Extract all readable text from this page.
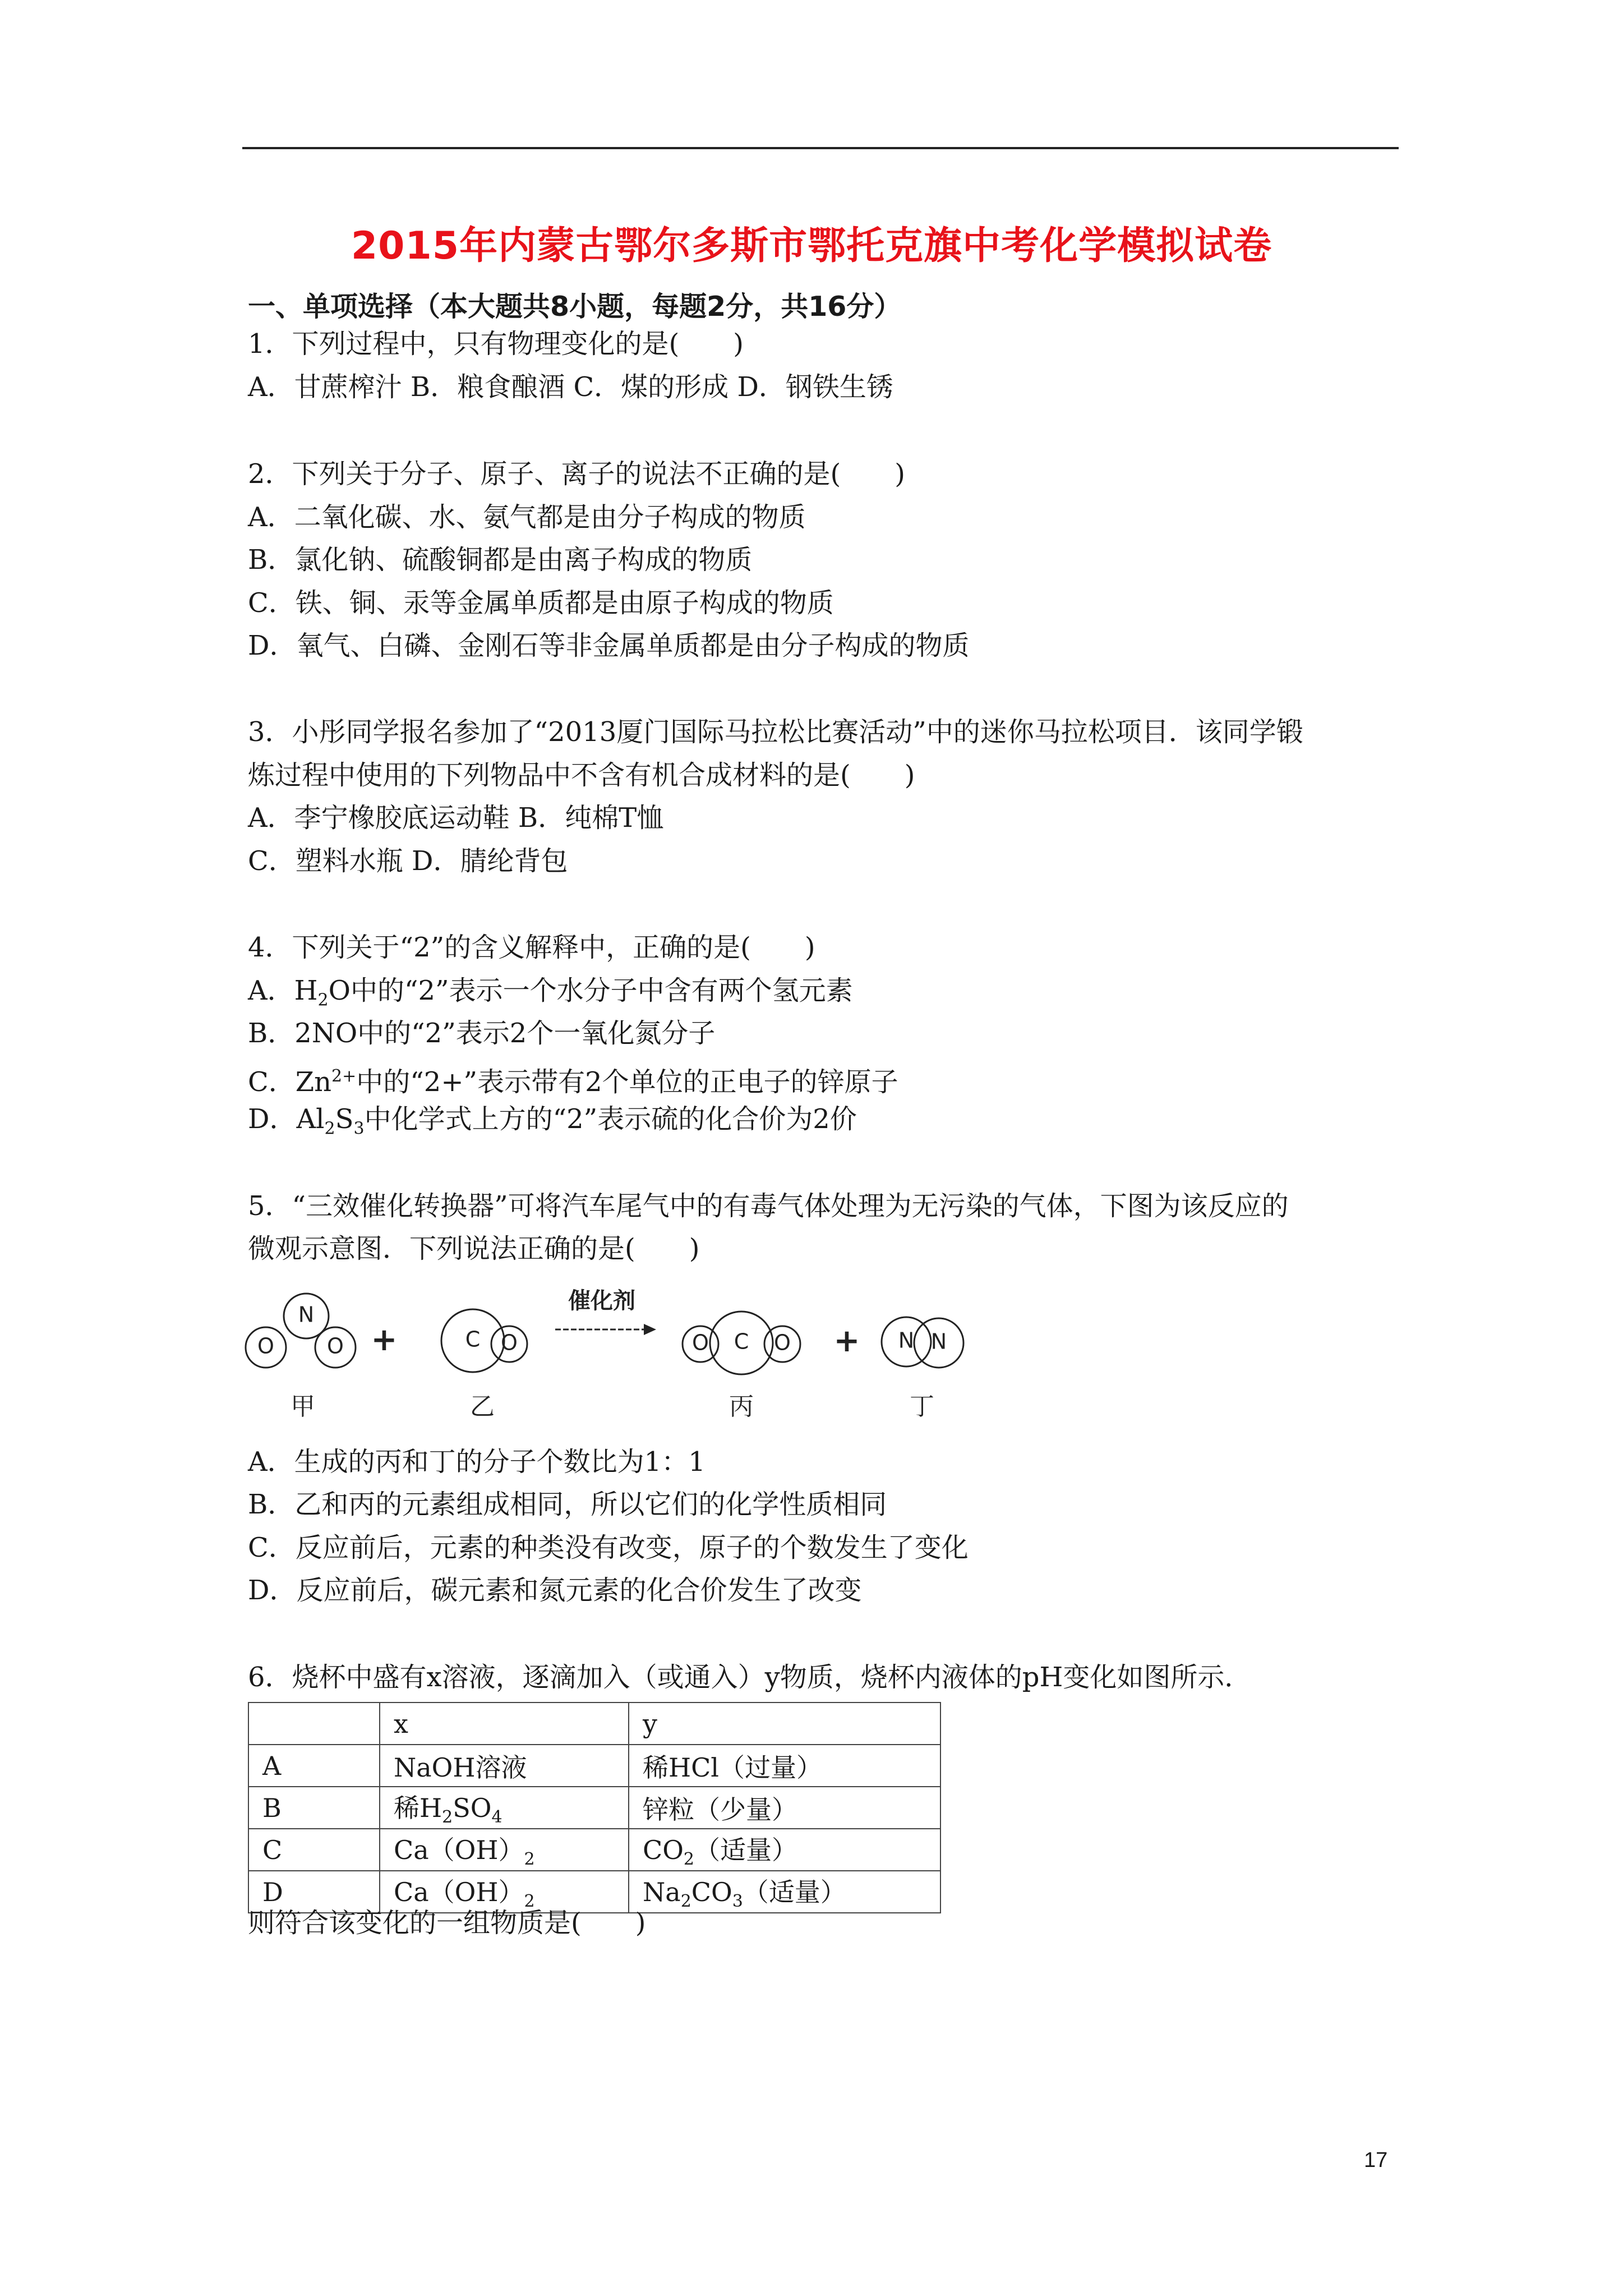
2015年内蒙古鄂尔多斯市鄂托克旗中考化学模拟试卷
一、单项选择（本大题共8小题，每题2分，共16分）
1．下列过程中，只有物理变化的是(　　)
A．甘蔗榨汁 B．粮食酿酒 C．煤的形成 D．钢铁生锈
2．下列关于分子、原子、离子的说法不正确的是(　　)
A．二氧化碳、水、氨气都是由分子构成的物质
B．氯化钠、硫酸铜都是由离子构成的物质
C．铁、铜、汞等金属单质都是由原子构成的物质
D．氧气、白磷、金刚石等非金属单质都是由分子构成的物质
3．小彤同学报名参加了“2013厦门国际马拉松比赛活动”中的迷你马拉松项目．该同学锻
炼过程中使用的下列物品中不含有机合成材料的是(　　)
A．李宁橡胶底运动鞋 B．纯棉T恤
C．塑料水瓶 D．腈纶背包
4．下列关于“2”的含义解释中，正确的是(　　)
A．$H_2O$中的“2”表示一个水分子中含有两个氢元素
B．2NO中的“2”表示2个一氧化氮分子
C．$Zn^{2+}$中的“2+”表示带有2个单位的正电子的锌原子
D．$Al_2S_3$中化学式上方的“2”表示硫的化合价为2价
5．“三效催化转换器”可将汽车尾气中的有毒气体处理为无污染的气体，下图为该反应的
微观示意图．下列说法正确的是(　　)
N
O O	C O	O C O	N N
+	+
催化剂
甲	乙	丙	丁
A．生成的丙和丁的分子个数比为1：1
B．乙和丙的元素组成相同，所以它们的化学性质相同
C．反应前后，元素的种类没有改变，原子的个数发生了变化
D．反应前后，碳元素和氮元素的化合价发生了改变
6．烧杯中盛有x溶液，逐滴加入（或通入）y物质，烧杯内液体的pH变化如图所示．
	x	y
A	NaOH溶液	稀HCl（过量）
B	稀$H_2SO_4$	锌粒（少量）
C	$Ca(OH)_2$	$CO_2$（适量）
D	$Ca(OH)_2$	$Na_2CO_3$（适量）
则符合该变化的一组物质是(　　)
17
